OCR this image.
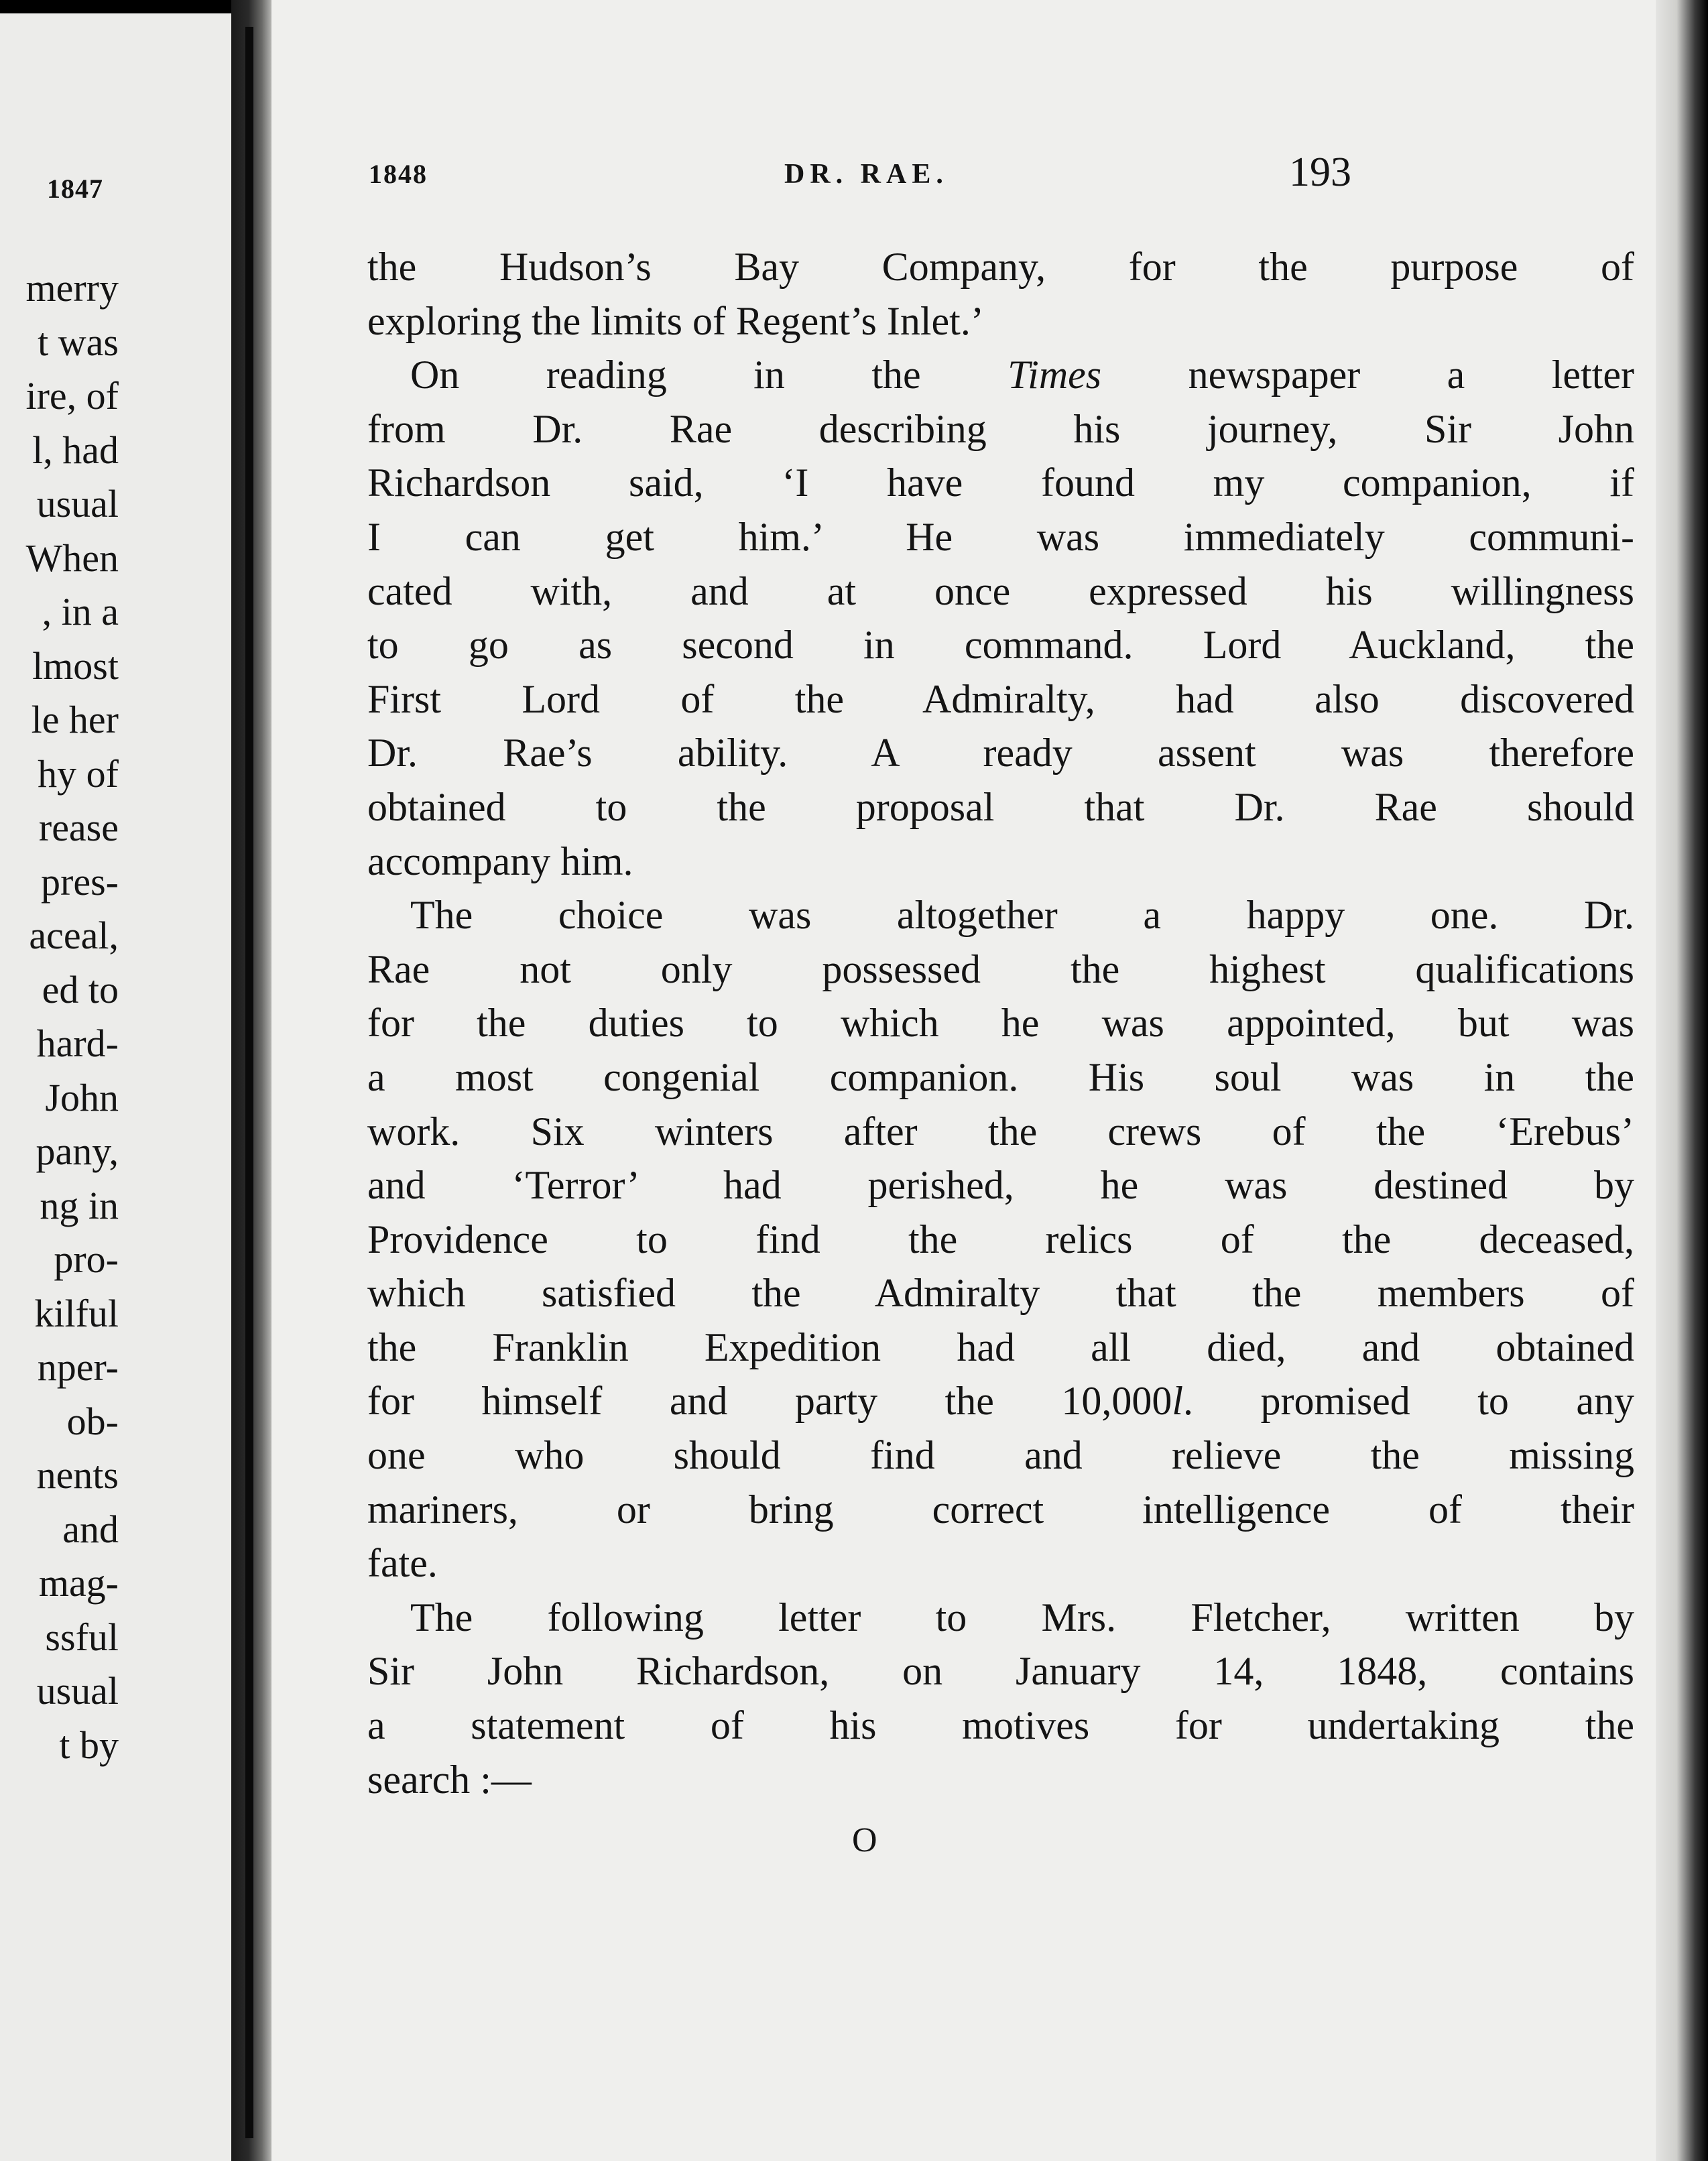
1847
merry
t was
ire, of
l, had
usual
When
, in a
lmost
le her
hy of
rease
pres-
aceal,
ed to
hard-
John
pany,
ng in
pro-
kilful
nper-
ob-
nents
and
mag-
ssful
usual
t by
1848	DR. RAE.	193
the Hudson’s Bay Company, for the purpose of
exploring the limits of Regent’s Inlet.’
On reading in the Times newspaper a letter
from Dr. Rae describing his journey, Sir John
Richardson said, ‘I have found my companion, if
I can get him.’ He was immediately communi-
cated with, and at once expressed his willingness
to go as second in command. Lord Auckland, the
First Lord of the Admiralty, had also discovered
Dr. Rae’s ability. A ready assent was therefore
obtained to the proposal that Dr. Rae should
accompany him.
The choice was altogether a happy one. Dr.
Rae not only possessed the highest qualifications
for the duties to which he was appointed, but was
a most congenial companion. His soul was in the
work. Six winters after the crews of the ‘Erebus’
and ‘Terror’ had perished, he was destined by
Providence to find the relics of the deceased,
which satisfied the Admiralty that the members of
the Franklin Expedition had all died, and obtained
for himself and party the 10,000l. promised to any
one who should find and relieve the missing
mariners, or bring correct intelligence of their
fate.
The following letter to Mrs. Fletcher, written by
Sir John Richardson, on January 14, 1848, contains
a statement of his motives for undertaking the
search :—
O
